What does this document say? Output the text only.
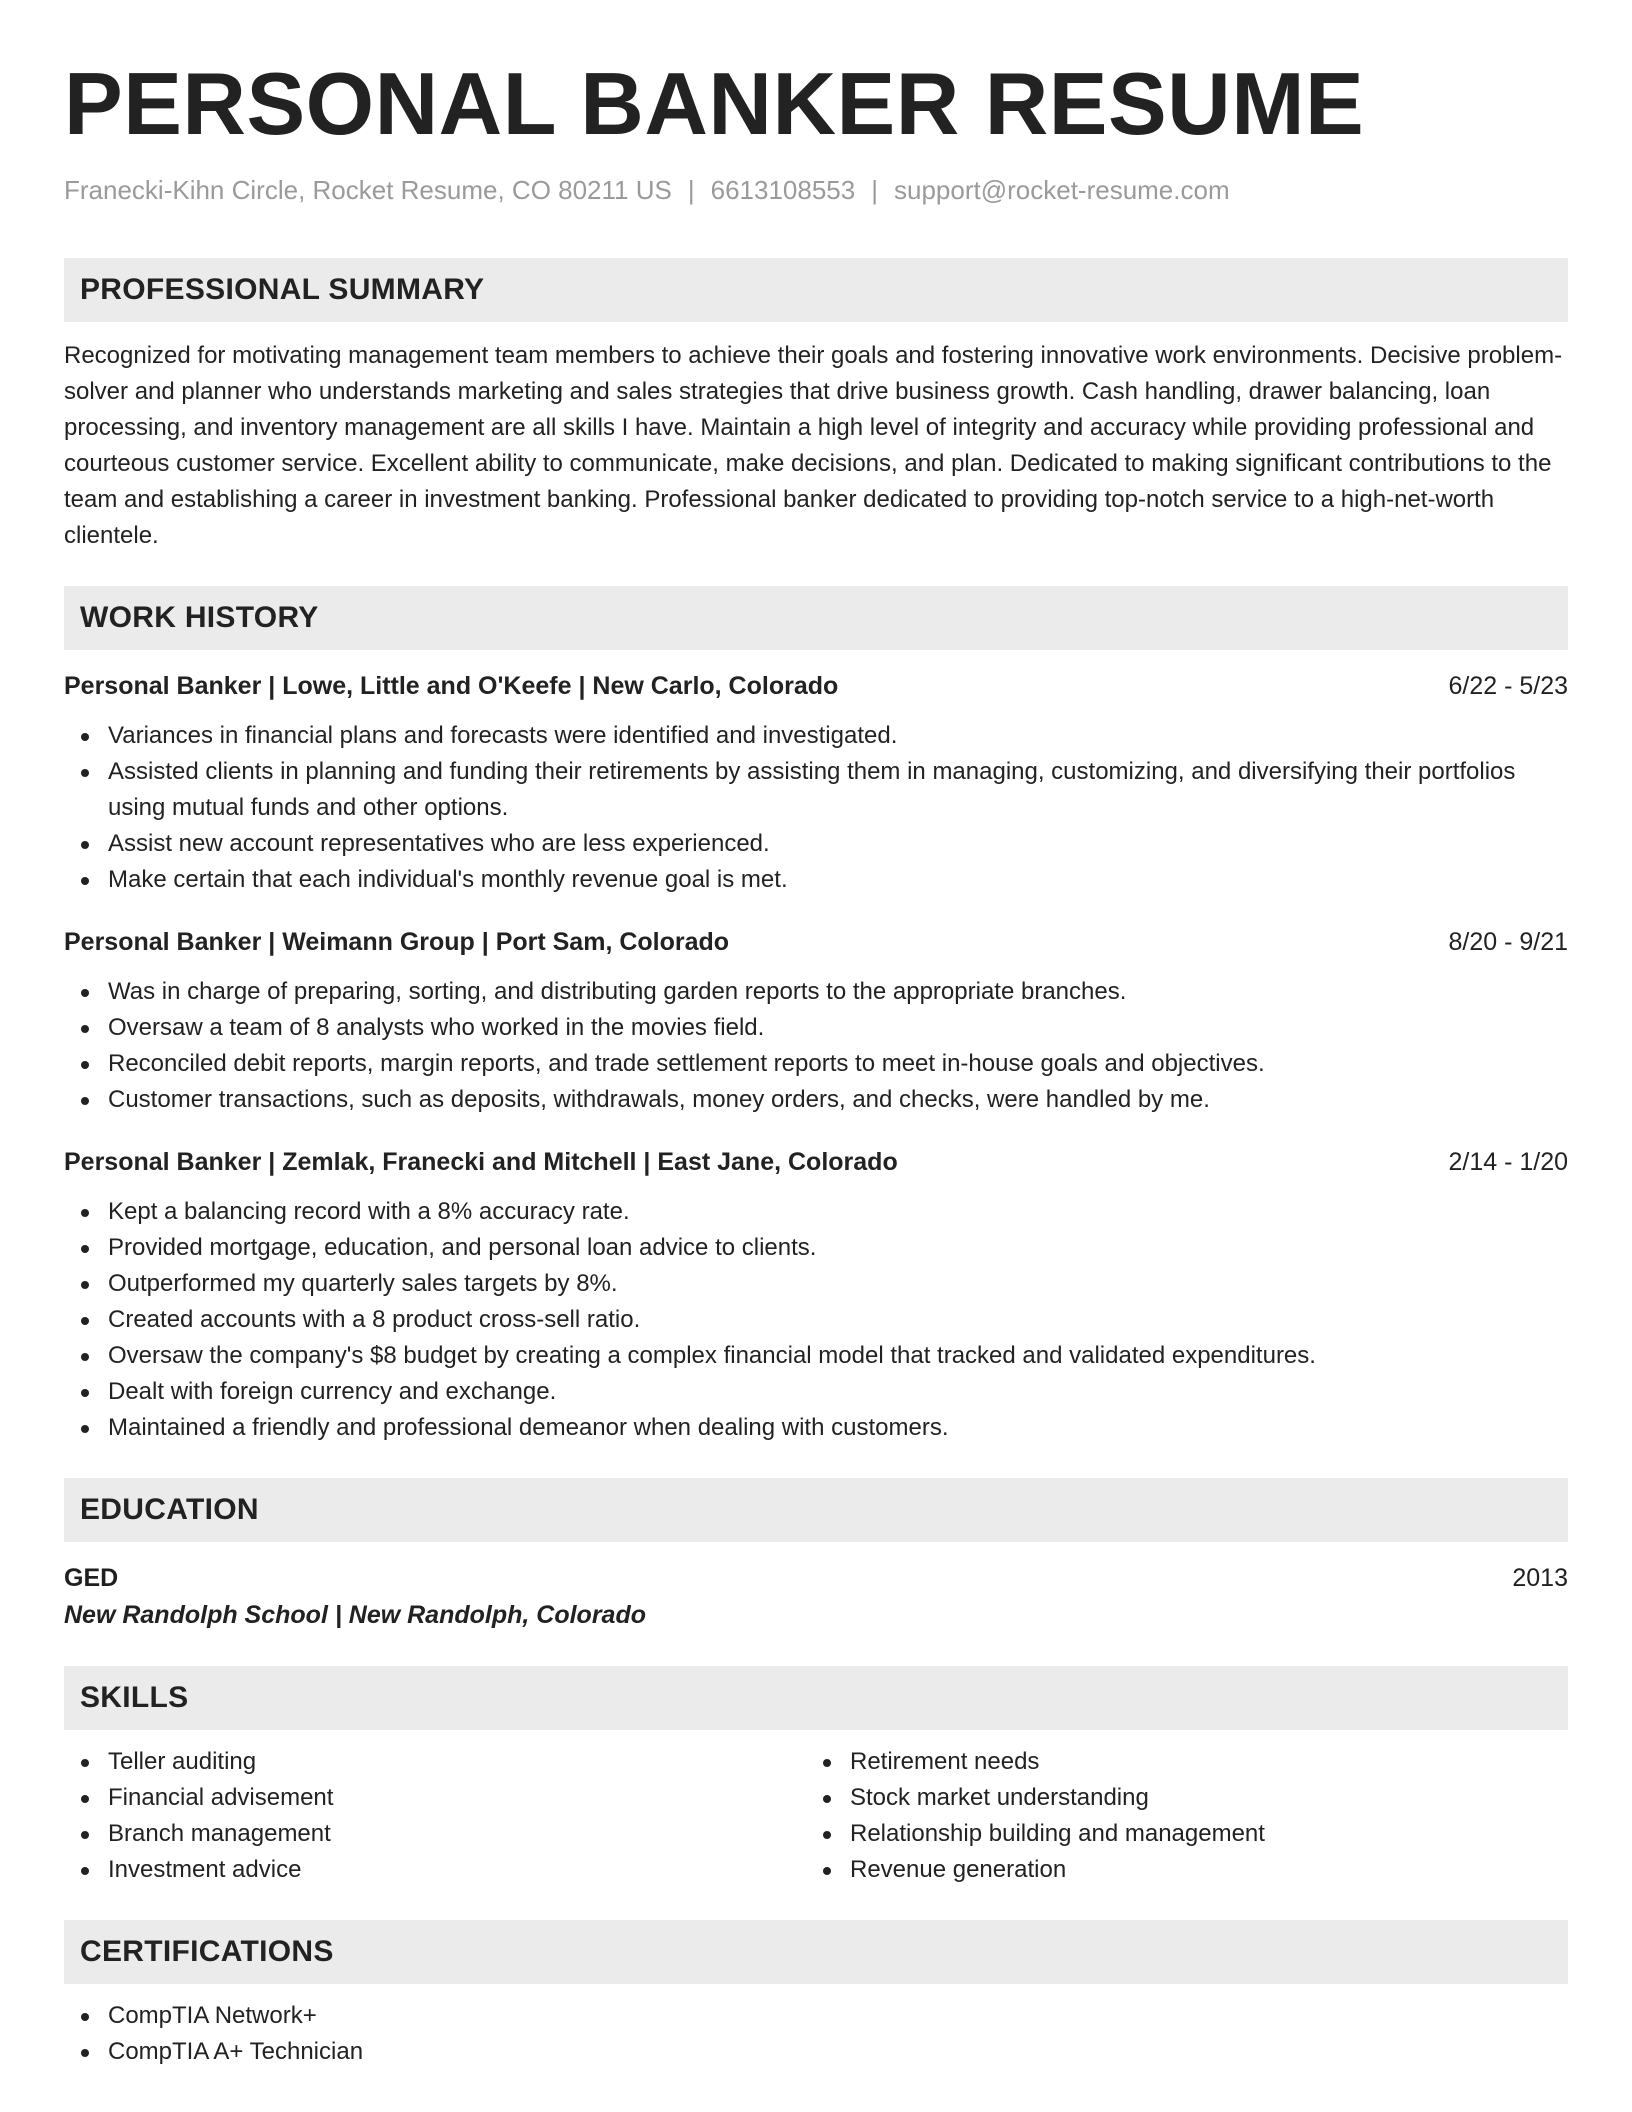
PERSONAL BANKER RESUME
Franecki-Kihn Circle, Rocket Resume, CO 80211 US | 6613108553 | support@rocket-resume.com
PROFESSIONAL SUMMARY

Recognized for motivating management team members to achieve their goals and fostering innovative work environments. Decisive problem-solver and planner who understands marketing and sales strategies that drive business growth. Cash handling, drawer balancing, loan processing, and inventory management are all skills I have. Maintain a high level of integrity and accuracy while providing professional and courteous customer service. Excellent ability to communicate, make decisions, and plan. Dedicated to making significant contributions to the team and establishing a career in investment banking. Professional banker dedicated to providing top-notch service to a high-net-worth clientele.

WORK HISTORY
Personal Banker | Lowe, Little and O'Keefe | New Carlo, Colorado	6/22 - 5/23
Variances in financial plans and forecasts were identified and investigated.
Assisted clients in planning and funding their retirements by assisting them in managing, customizing, and diversifying their portfolios using mutual funds and other options.
Assist new account representatives who are less experienced.
Make certain that each individual's monthly revenue goal is met.
Personal Banker | Weimann Group | Port Sam, Colorado	8/20 - 9/21
Was in charge of preparing, sorting, and distributing garden reports to the appropriate branches.
Oversaw a team of 8 analysts who worked in the movies field.
Reconciled debit reports, margin reports, and trade settlement reports to meet in-house goals and objectives.
Customer transactions, such as deposits, withdrawals, money orders, and checks, were handled by me.
Personal Banker | Zemlak, Franecki and Mitchell | East Jane, Colorado	2/14 - 1/20
Kept a balancing record with a 8% accuracy rate.
Provided mortgage, education, and personal loan advice to clients.
Outperformed my quarterly sales targets by 8%.
Created accounts with a 8 product cross-sell ratio.
Oversaw the company's $8 budget by creating a complex financial model that tracked and validated expenditures.
Dealt with foreign currency and exchange.
Maintained a friendly and professional demeanor when dealing with customers.
EDUCATION
GED	2013
New Randolph School | New Randolph, Colorado
SKILLS
Teller auditing
Financial advisement
Branch management
Investment advice
Retirement needs
Stock market understanding
Relationship building and management
Revenue generation
CERTIFICATIONS
CompTIA Network+
CompTIA A+ Technician
